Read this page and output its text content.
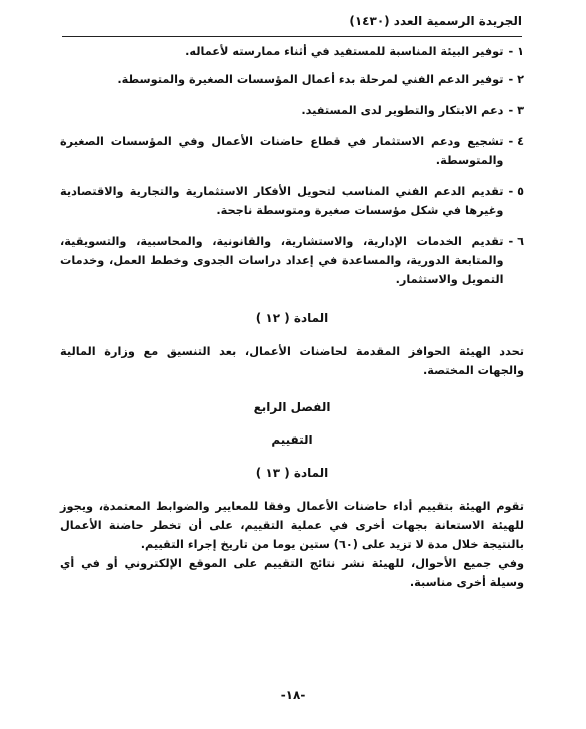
الجريدة الرسمية العدد (١٤٣٠)
١ -
توفير البيئة المناسبة للمستفيد في أثناء ممارسته لأعماله.
٢ -
توفير الدعم الفني لمرحلة بدء أعمال المؤسسات الصغيرة والمتوسطة.
٣ -
دعم الابتكار والتطوير لدى المستفيد.
٤ -
تشجيع ودعم الاستثمار في قطاع حاضنات الأعمال وفي المؤسسات الصغيرة والمتوسطة.
٥ -
تقديم الدعم الفني المناسب لتحويل الأفكار الاستثمارية والتجارية والاقتصادية وغيرها في شكل مؤسسات صغيرة ومتوسطة ناجحة.
٦ -
تقديم الخدمات الإدارية، والاستشارية، والقانونية، والمحاسبية، والتسويقية، والمتابعة الدورية، والمساعدة في إعداد دراسات الجدوى وخطط العمل، وخدمات التمويل والاستثمار.
المادة ( ١٢ )

تحدد الهيئة الحوافز المقدمة لحاضنات الأعمال، بعد التنسيق مع وزارة المالية والجهات المختصة.

الفصل الرابع
التقييم
المادة ( ١٣ )

تقوم الهيئة بتقييم أداء حاضنات الأعمال وفقا للمعايير والضوابط المعتمدة، ويجوز للهيئة الاستعانة بجهات أخرى في عملية التقييم، على أن تخطر حاضنة الأعمال بالنتيجة خلال مدة لا تزيد على (٦٠) ستين يوما من تاريخ إجراء التقييم.

وفي جميع الأحوال، للهيئة نشر نتائج التقييم على الموقع الإلكتروني أو في أي وسيلة أخرى مناسبة.

-١٨-
